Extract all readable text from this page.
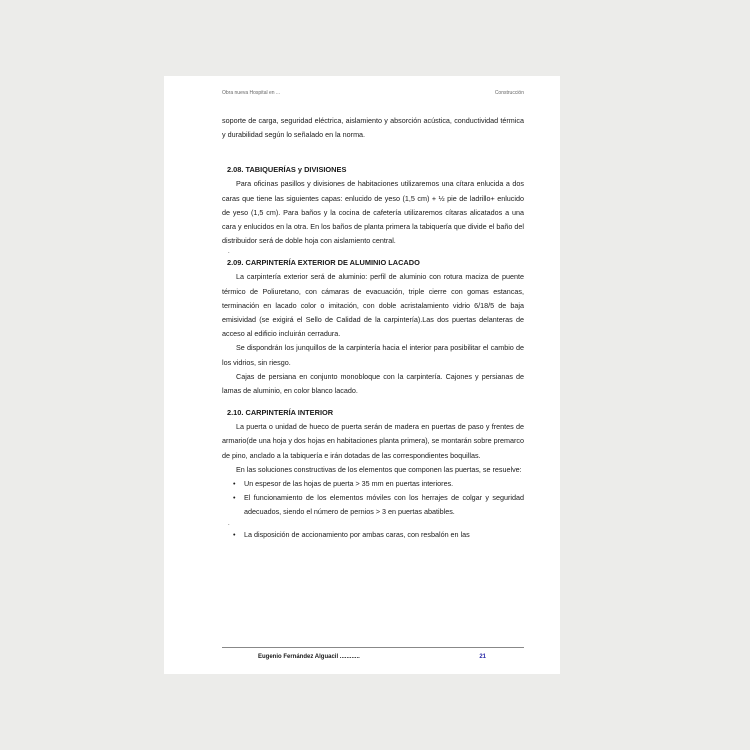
Obra nueva Hospital en ...	Construcción

soporte de carga, seguridad eléctrica, aislamiento y absorción acústica, conductividad térmica y durabilidad según lo señalado en la norma.

2.08. TABIQUERÍAS y DIVISIONES

Para oficinas pasillos y divisiones de habitaciones utilizaremos una cítara enlucida a dos caras que tiene las siguientes capas: enlucido de yeso (1,5 cm) + ½ pie de ladrillo+ enlucido de yeso (1,5 cm). Para baños y la cocina de cafetería utilizaremos cítaras alicatados a una cara y enlucidos en la otra. En los baños de planta primera la tabiquería que divide el baño del distribuidor será de doble hoja con aislamiento central.

.
2.09. CARPINTERÍA EXTERIOR DE ALUMINIO LACADO

La carpintería exterior será de aluminio: perfil de aluminio con rotura maciza de puente térmico de Poliuretano, con cámaras de evacuación, triple cierre con gomas estancas, terminación en lacado color o imitación, con doble acristalamiento vidrio 6/18/5 de baja emisividad (se exigirá el Sello de Calidad de la carpintería).Las dos puertas delanteras de acceso al edificio incluirán cerradura.

Se dispondrán los junquillos de la carpintería hacia el interior para posibilitar el cambio de los vidrios, sin riesgo.

Cajas de persiana en conjunto monobloque con la carpintería. Cajones y persianas de lamas de aluminio, en color blanco lacado.

2.10. CARPINTERÍA INTERIOR

La puerta o unidad de hueco de puerta serán de madera en puertas de paso y frentes de armario(de una hoja y dos hojas en habitaciones planta primera), se montarán sobre premarco de pino, anclado a la tabiquería e irán dotadas de las correspondientes boquillas.

En las soluciones constructivas de los elementos que componen las puertas, se resuelve:

• Un espesor de las hojas de puerta > 35 mm en puertas interiores.
• El funcionamiento de los elementos móviles con los herrajes de colgar y seguridad adecuados, siendo el número de pernios > 3 en puertas abatibles.
.
• La disposición de accionamiento por ambas caras, con resbalón en las
Eugenio Fernández Alguacil ............	21
